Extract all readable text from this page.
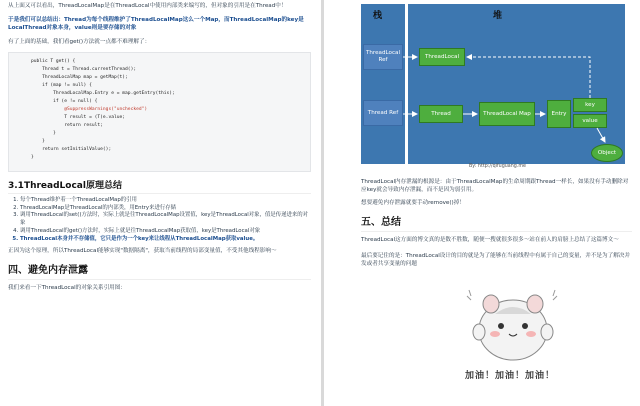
从上面又可以看出，ThreadLocalMap是在ThreadLocal中使用内部类来编写的，但对象的引用是在Thread中！

于是我们可以总结出：Thread为每个线程维护了ThreadLocalMap这么一个Map，而ThreadLocalMap的key是LocalThread对象本身，value则是要存储的对象

有了上面的基础，我们看get()方法就一点都不难理解了：

public T get() {
Thread t = Thread.currentThread();
ThreadLocalMap map = getMap(t);
if (map != null) {
ThreadLocalMap.Entry e = map.getEntry(this);
if (e != null) {
@SuppressWarnings("unchecked")
T result = (T)e.value;
return result;
}
}
return setInitialValue();
}
3.1ThreadLocal原理总结
1. 每个Thread维护着一个ThreadLocalMap的引用
2. ThreadLocalMap是ThreadLocal的内部类，用Entry来进行存储
3. 调用ThreadLocal的set()方法时，实际上就是往ThreadLocalMap设置值，key是ThreadLocal对象，值是传递进来的对象
4. 调用ThreadLocal的get()方法时，实际上就是往ThreadLocalMap获取值，key是ThreadLocal对象
5. ThreadLocal本身并不存储值，它只是作为一个key来让线程从ThreadLocalMap获取value。

正因为这个原理，所以ThreadLocal能够实现"数据隔离"，获取当前线程的局部变量值，不受其他线程影响～

四、避免内存泄露

我们来看一下ThreadLocal的对象关系引用图：

栈	堆
ThreadLocal Ref
ThreadLocal
Thread Ref	Thread	ThreadLocal Map	Entry
key
value
Object
By: http://qifuguang.me

ThreadLocal内存泄漏的根源是：由于ThreadLocalMap的生命周期跟Thread一样长，如果没有手动删除对应key就会导致内存泄漏，而不是因为弱引用。

想要避免内存泄露就要手动remove()掉！

五、总结

ThreadLocal这方面的博文真的是数不胜数，随便一搜就很多很多～站在前人的肩膀上总结了这篇博文～

最后要记住的是：ThreadLocal设计的目的就是为了能够在当前线程中有属于自己的变量，并不是为了解决并发或者共享变量的问题

加油！加油！加油！
